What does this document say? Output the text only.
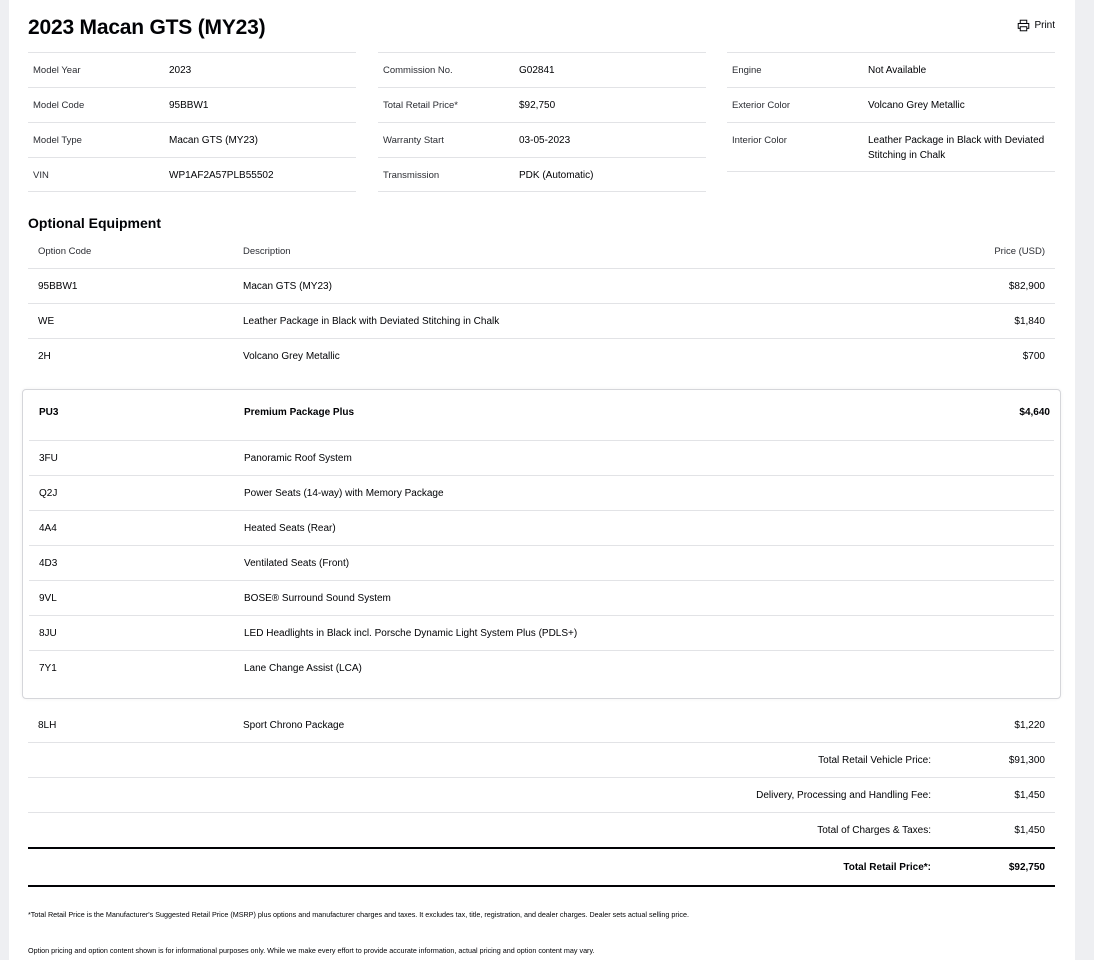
2023 Macan GTS (MY23)	Print
Model Year	2023
Model Code	95BBW1
Model Type	Macan GTS (MY23)
VIN	WP1AF2A57PLB55502
Commission No.	G02841
Total Retail Price*	$92,750
Warranty Start	03-05-2023
Transmission	PDK (Automatic)
Engine	Not Available
Exterior Color	Volcano Grey Metallic
Interior Color	Leather Package in Black with Deviated Stitching in Chalk
Optional Equipment
Option Code	Description	Price (USD)
95BBW1	Macan GTS (MY23)	$82,900
WE	Leather Package in Black with Deviated Stitching in Chalk	$1,840
2H	Volcano Grey Metallic	$700
PU3	Premium Package Plus	$4,640
3FU	Panoramic Roof System
Q2J	Power Seats (14-way) with Memory Package
4A4	Heated Seats (Rear)
4D3	Ventilated Seats (Front)
9VL	BOSE® Surround Sound System
8JU	LED Headlights in Black incl. Porsche Dynamic Light System Plus (PDLS+)
7Y1	Lane Change Assist (LCA)
8LH	Sport Chrono Package	$1,220
Total Retail Vehicle Price:	$91,300
Delivery, Processing and Handling Fee:	$1,450
Total of Charges & Taxes:	$1,450
Total Retail Price*:	$92,750
*Total Retail Price is the Manufacturer's Suggested Retail Price (MSRP) plus options and manufacturer charges and taxes. It excludes tax, title, registration, and dealer charges. Dealer sets actual selling price.
Option pricing and option content shown is for informational purposes only. While we make every effort to provide accurate information, actual pricing and option content may vary.
